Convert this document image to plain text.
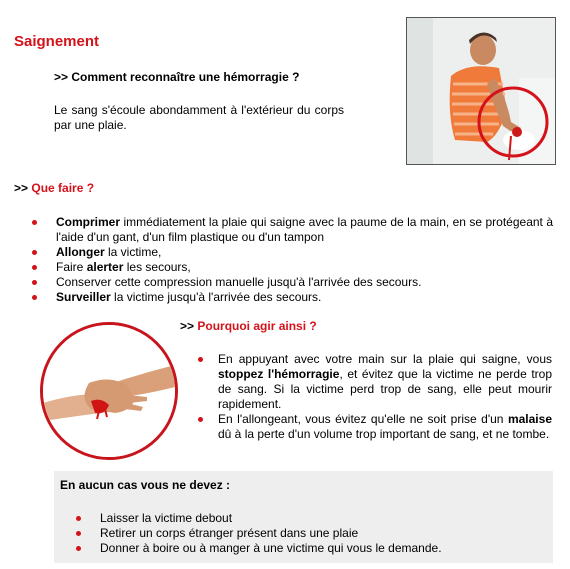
Saignement
>> Comment reconnaître une hémorragie ?
Le sang s'écoule abondamment à l'extérieur du corps par une plaie.
>> Que faire ?
Comprimer immédiatement la plaie qui saigne avec la paume de la main, en se protégeant à l'aide d'un gant, d'un film plastique ou d'un tampon
Allonger la victime,
Faire alerter les secours,
Conserver cette compression manuelle jusqu'à l'arrivée des secours.
Surveiller la victime jusqu'à l'arrivée des secours.
>> Pourquoi agir ainsi ?
En appuyant avec votre main sur la plaie qui saigne, vous stoppez l'hémorragie, et évitez que la victime ne perde trop de sang. Si la victime perd trop de sang, elle peut mourir rapidement.
En l'allongeant, vous évitez qu'elle ne soit prise d'un malaise dû à la perte d'un volume trop important de sang, et ne tombe.
En aucun cas vous ne devez :
Laisser la victime debout
Retirer un corps étranger présent dans une plaie
Donner à boire ou à manger à une victime qui vous le demande.
